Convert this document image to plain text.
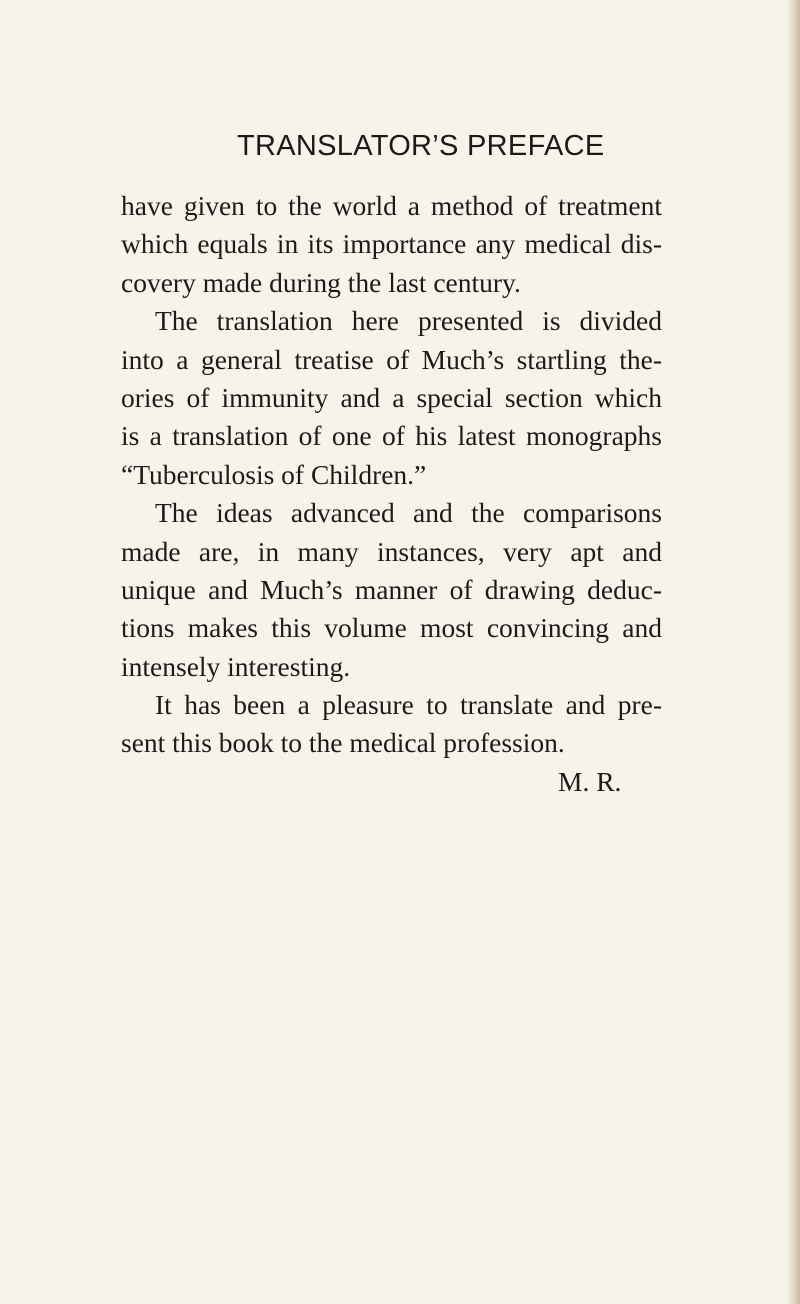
TRANSLATOR’S PREFACE
have given to the world a method of treatment
which equals in its importance any medical dis-
covery made during the last century.
The translation here presented is divided
into a general treatise of Much’s startling the-
ories of immunity and a special section which
is a translation of one of his latest monographs
“Tuberculosis of Children.”
The ideas advanced and the comparisons
made are, in many instances, very apt and
unique and Much’s manner of drawing deduc-
tions makes this volume most convincing and
intensely interesting.
It has been a pleasure to translate and pre-
sent this book to the medical profession.
M. R.
